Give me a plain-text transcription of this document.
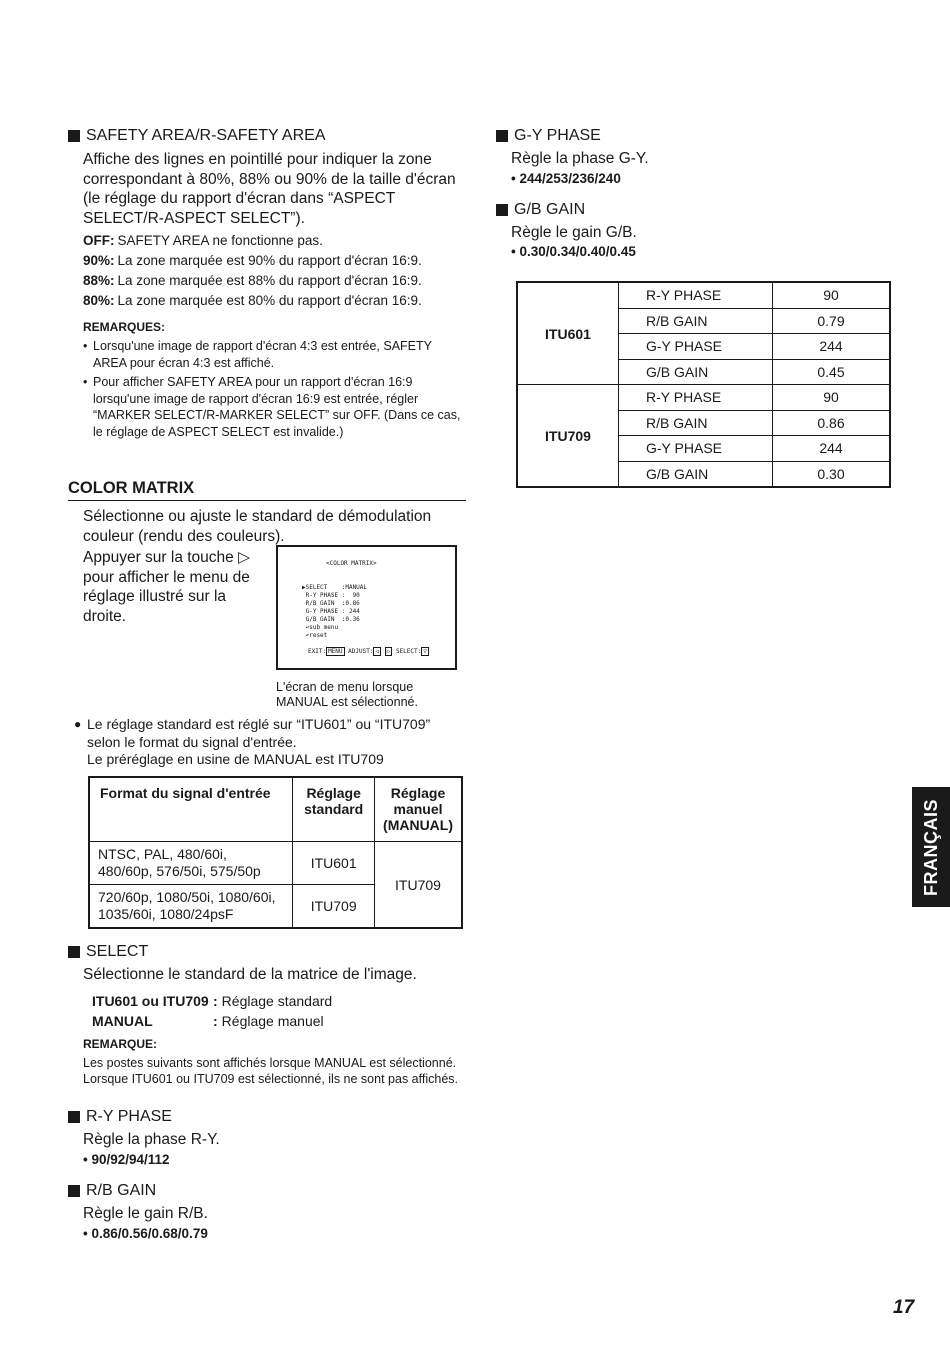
SAFETY AREA/R-SAFETY AREA
Affiche des lignes en pointillé pour indiquer la zone correspondant à 80%, 88% ou 90% de la taille d'écran (le réglage du rapport d'écran dans “ASPECT SELECT/R-ASPECT SELECT”).
OFF: SAFETY AREA ne fonctionne pas.
90%: La zone marquée est 90% du rapport d'écran 16:9.
88%: La zone marquée est 88% du rapport d'écran 16:9.
80%: La zone marquée est 80% du rapport d'écran 16:9.
REMARQUES:
• Lorsqu'une image de rapport d'écran 4:3 est entrée, SAFETY AREA pour écran 4:3 est affiché.
• Pour afficher SAFETY AREA pour un rapport d'écran 16:9 lorsqu'une image de rapport d'écran 16:9 est entrée, régler “MARKER SELECT/R-MARKER SELECT” sur OFF. (Dans ce cas, le réglage de ASPECT SELECT est invalide.)
COLOR MATRIX
Sélectionne ou ajuste le standard de démodulation couleur (rendu des couleurs).
Appuyer sur la touche ▷ pour afficher le menu de réglage illustré sur la droite.
<COLOR MATRIX>
▶SELECT    :MANUAL
R-Y PHASE :  90
R/B GAIN  :0.86
G-Y PHASE : 244
G/B GAIN  :0.36
↩sub menu
↶reset
EXIT: MENU ADJUST: ◁ ▷ SELECT: ▽
L'écran de menu lorsque MANUAL est sélectionné.
● Le réglage standard est réglé sur “ITU601” ou “ITU709” selon le format du signal d'entrée.
Le préréglage en usine de MANUAL est ITU709
Format du signal d'entrée	Réglage standard	Réglage manuel (MANUAL)
NTSC, PAL, 480/60i, 480/60p, 576/50i, 575/50p	ITU601	ITU709
720/60p, 1080/50i, 1080/60i, 1035/60i, 1080/24psF	ITU709	
SELECT
Sélectionne le standard de la matrice de l'image.
ITU601 ou ITU709 : Réglage standard
MANUAL	: Réglage manuel
REMARQUE:
Les postes suivants sont affichés lorsque MANUAL est sélectionné. Lorsque ITU601 ou ITU709 est sélectionné, ils ne sont pas affichés.
R-Y PHASE
Règle la phase R-Y.
• 90/92/94/112
R/B GAIN
Règle le gain R/B.
• 0.86/0.56/0.68/0.79
G-Y PHASE
Règle la phase G-Y.
• 244/253/236/240
G/B GAIN
Règle le gain G/B.
• 0.30/0.34/0.40/0.45
ITU601	R-Y PHASE	90
	R/B GAIN	0.79
	G-Y PHASE	244
	G/B GAIN	0.45
ITU709	R-Y PHASE	90
	R/B GAIN	0.86
	G-Y PHASE	244
	G/B GAIN	0.30
FRANÇAIS
17
